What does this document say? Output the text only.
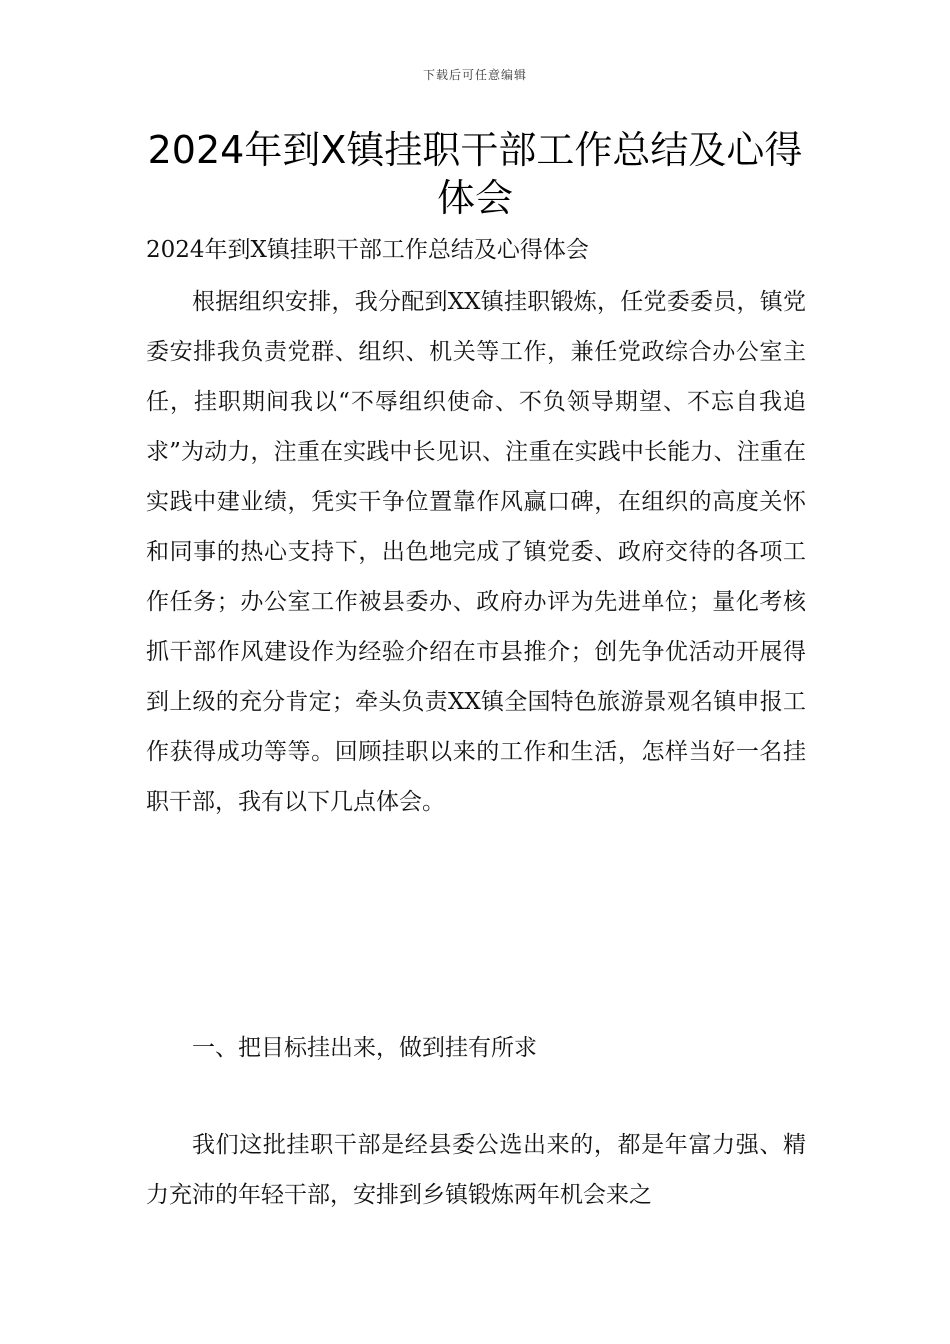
下载后可任意编辑
2024年到X镇挂职干部工作总结及心得体会

2024年到X镇挂职干部工作总结及心得体会

根据组织安排，我分配到XX镇挂职锻炼，任党委委员，镇党委安排我负责党群、组织、机关等工作，兼任党政综合办公室主任，挂职期间我以“不辱组织使命、不负领导期望、不忘自我追求”为动力，注重在实践中长见识、注重在实践中长能力、注重在实践中建业绩，凭实干争位置靠作风赢口碑，在组织的高度关怀和同事的热心支持下，出色地完成了镇党委、政府交待的各项工作任务；办公室工作被县委办、政府办评为先进单位；量化考核抓干部作风建设作为经验介绍在市县推介；创先争优活动开展得到上级的充分肯定；牵头负责XX镇全国特色旅游景观名镇申报工作获得成功等等。回顾挂职以来的工作和生活，怎样当好一名挂职干部，我有以下几点体会。

一、把目标挂出来，做到挂有所求

我们这批挂职干部是经县委公选出来的，都是年富力强、精力充沛的年轻干部，安排到乡镇锻炼两年机会来之
